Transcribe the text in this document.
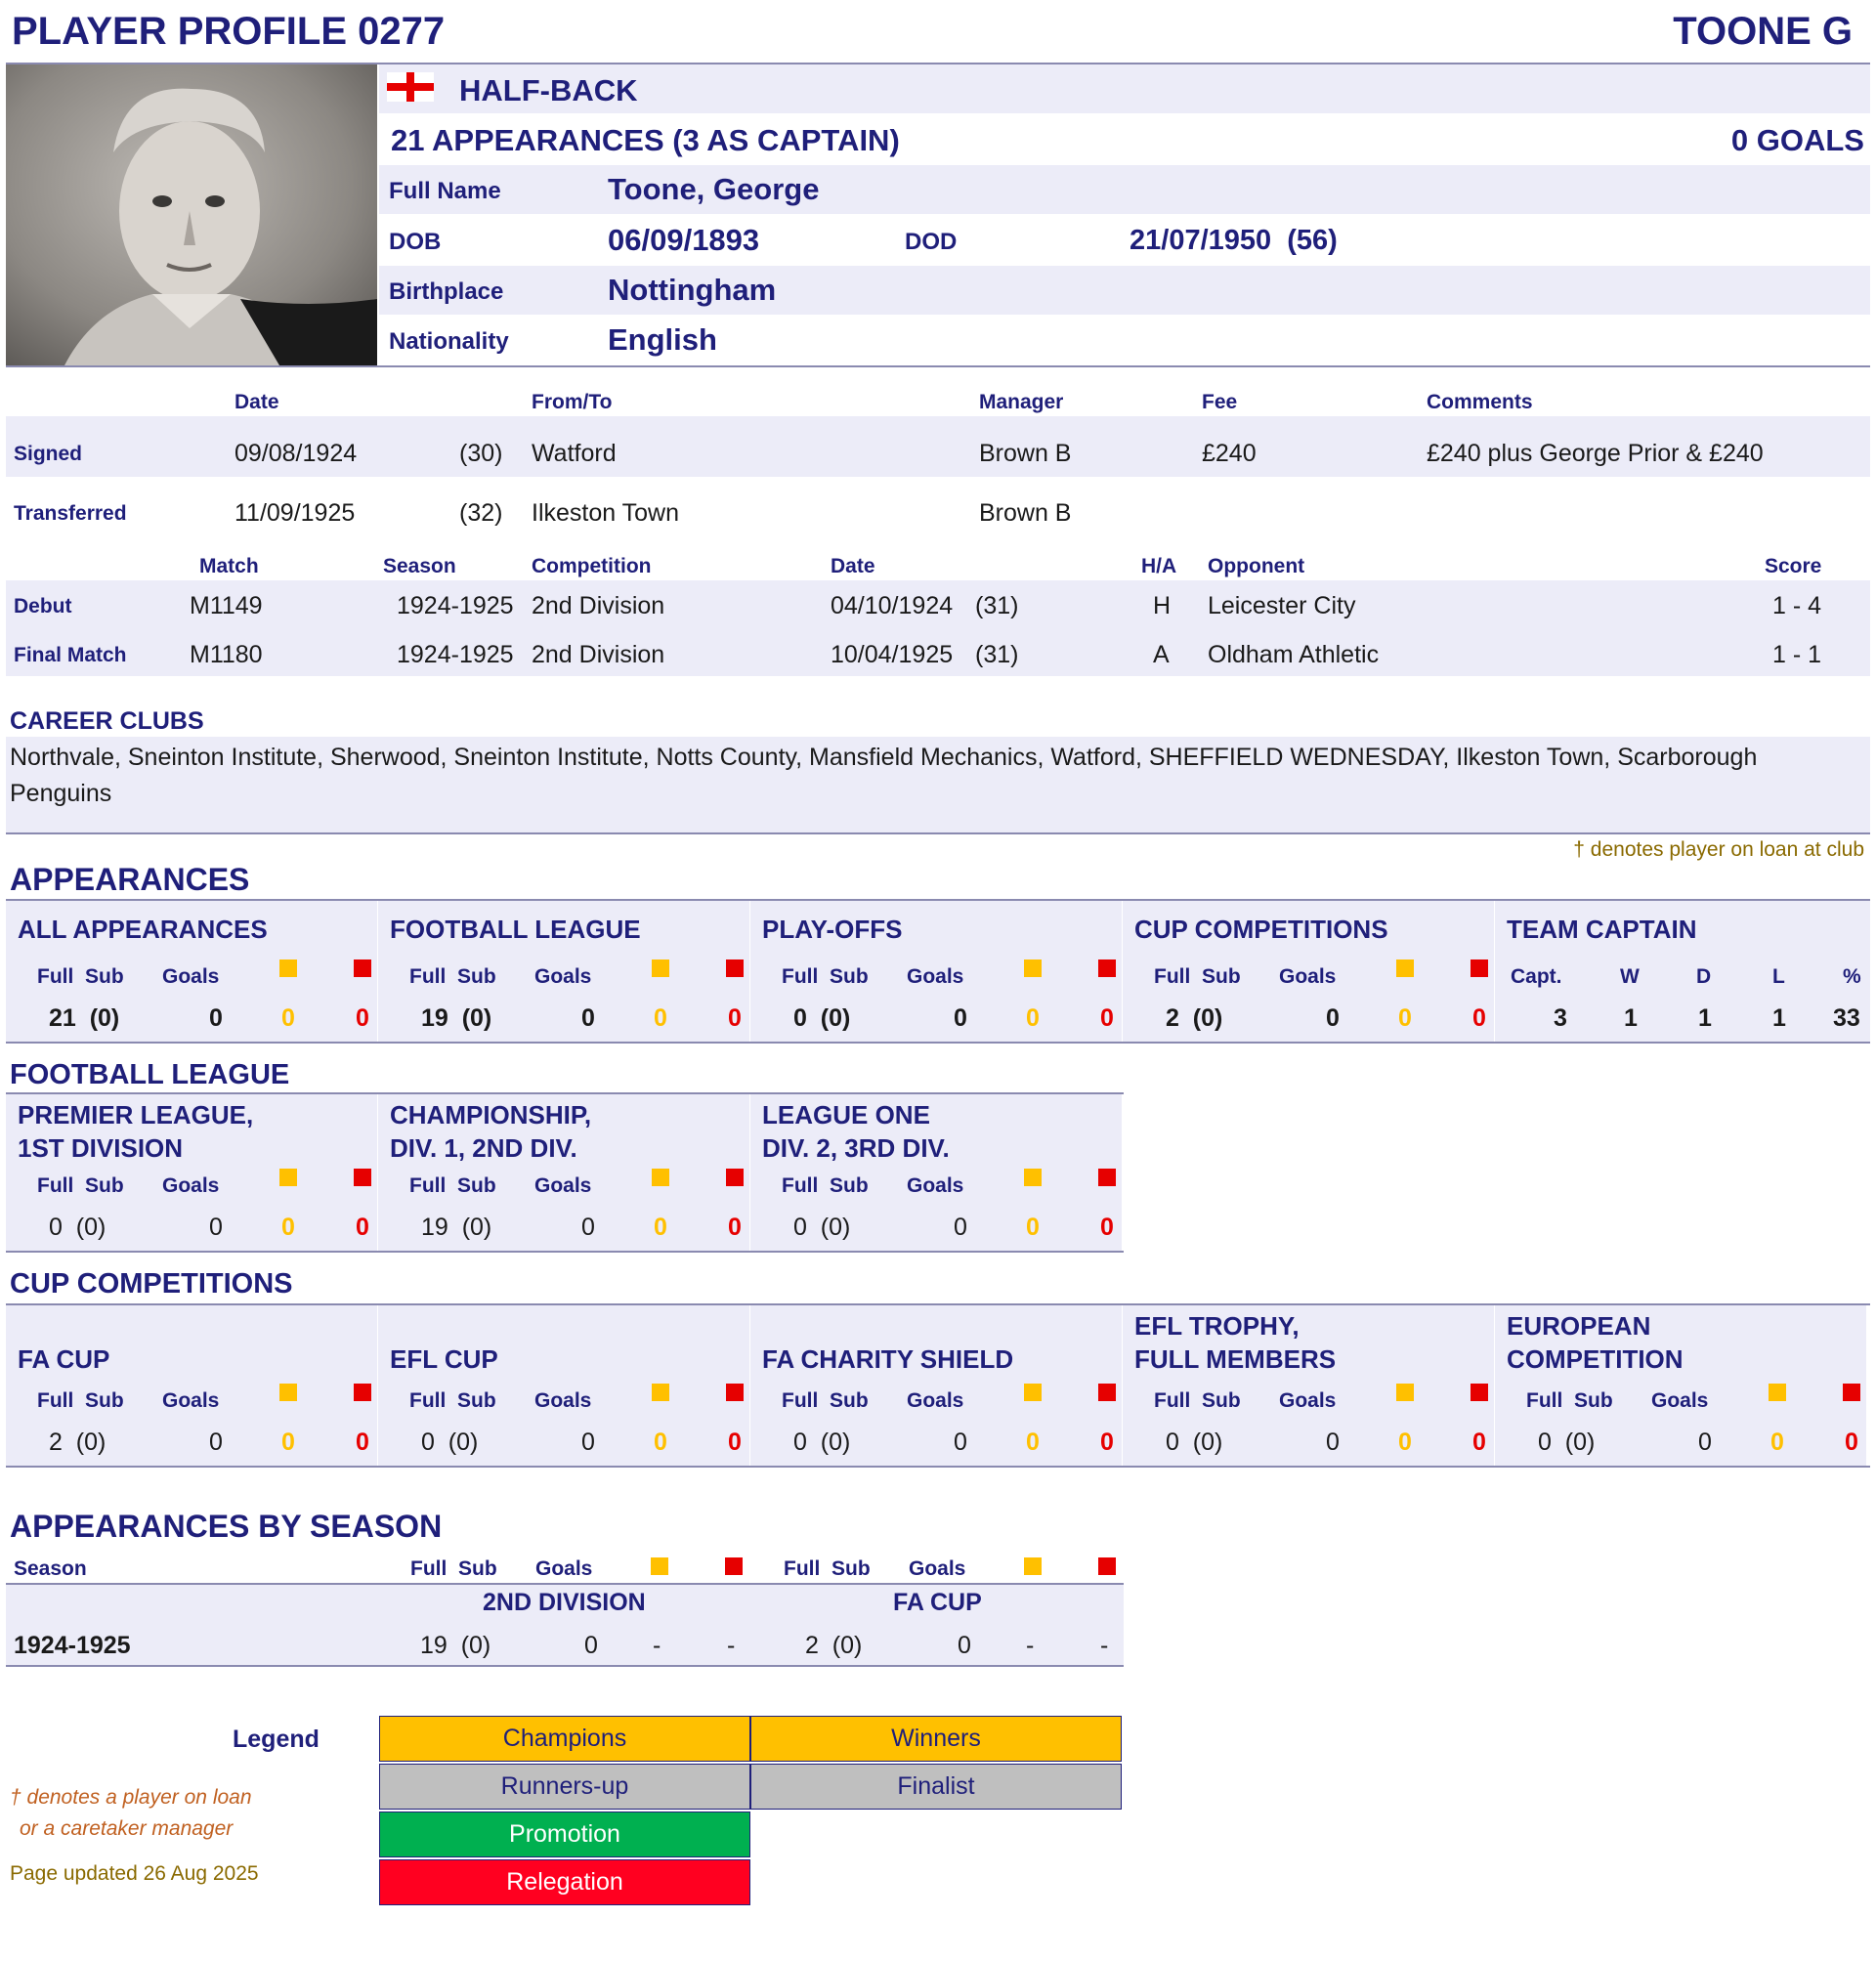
PLAYER PROFILE 0277	TOONE G
HALF-BACK
21 APPEARANCES (3 AS CAPTAIN)	0 GOALS
Full Name	Toone, George
DOB	06/09/1893	DOD	21/07/1950  (56)
Birthplace	Nottingham
Nationality	English
Date	From/To	Manager	Fee	Comments
Signed	09/08/1924	(30) Watford	Brown B	£240	£240 plus George Prior & £240
Transferred	11/09/1925	(32) Ilkeston Town	Brown B
Match	Season	Competition	Date	H/A Opponent	Score
Debut	M1149	1924-1925 2nd Division	04/10/1924 (31)	H Leicester City	1 - 4
Final Match	M1180	1924-1925 2nd Division	10/04/1925 (31)	A Oldham Athletic	1 - 1
CAREER CLUBS
Northvale, Sneinton Institute, Sherwood, Sneinton Institute, Notts County, Mansfield Mechanics, Watford, SHEFFIELD WEDNESDAY, Ilkeston Town, Scarborough
Penguins
† denotes player on loan at club
APPEARANCES
ALL APPEARANCES
Full  Sub Goals
21  (0)	0 0 0
FOOTBALL LEAGUE
Full  Sub Goals
19  (0)	0 0 0
PLAY-OFFS
Full  Sub Goals
0  (0)	0 0 0
CUP COMPETITIONS
Full  Sub Goals
2  (0)	0 0 0
TEAM CAPTAIN
Capt.	W	D	L	%
3 1 1 1 33
FOOTBALL LEAGUE
PREMIER LEAGUE,
1ST DIVISION
Full  Sub Goals
0  (0)	0 0 0
CHAMPIONSHIP,
DIV. 1, 2ND DIV.
Full  Sub Goals
19  (0)	0 0 0
LEAGUE ONE
DIV. 2, 3RD DIV.
Full  Sub Goals
0  (0)	0 0 0
CUP COMPETITIONS
FA CUP
Full  Sub Goals
2  (0)	0 0 0
EFL CUP
Full  Sub Goals
0  (0)	0 0 0
FA CHARITY SHIELD
Full  Sub Goals
0  (0)	0 0 0
EFL TROPHY,
FULL MEMBERS
Full  Sub Goals
0  (0)	0 0 0
EUROPEAN
COMPETITION
Full  Sub Goals
0  (0)	0 0 0
APPEARANCES BY SEASON
Season	Full  Sub Goals	Full  Sub Goals
2ND DIVISION	FA CUP
1924-1925	19  (0)	0 -	-	2  (0)	0 -	-
Legend	Champions	Winners
Runners-up	Finalist
Promotion
Relegation
† denotes a player on loan
or a caretaker manager
Page updated 26 Aug 2025
